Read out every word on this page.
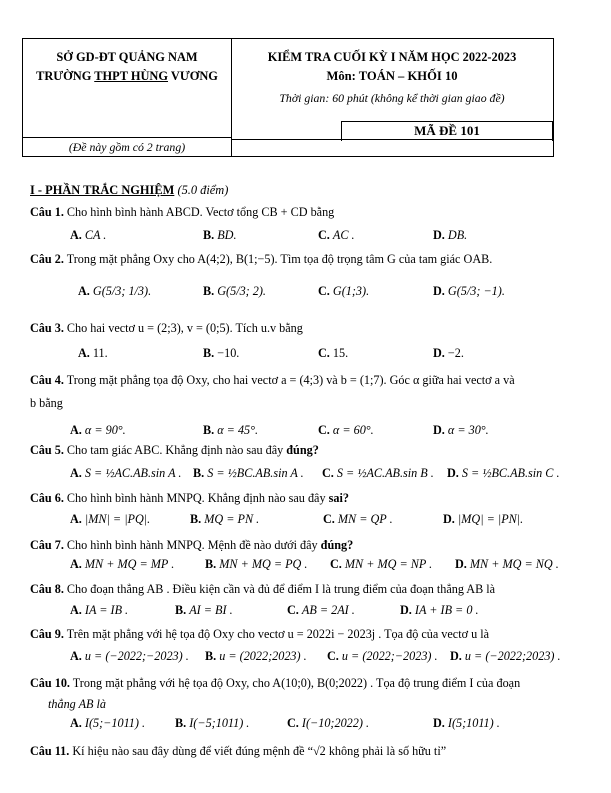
SỞ GD-ĐT QUẢNG NAM
TRƯỜNG THPT HÙNG VƯƠNG
KIỂM TRA CUỐI KỲ I NĂM HỌC 2022-2023
Môn: TOÁN – KHỐI 10
Thời gian: 60 phút (không kể thời gian giao đề)
MÃ ĐỀ 101
(Đề này gồm có 2 trang)
I - PHẦN TRẮC NGHIỆM (5.0 điểm)
Câu 1. Cho hình bình hành ABCD. Vectơ tổng CB + CD bằng
A. CA .	B. BD.	C. AC .	D. DB.
Câu 2. Trong mặt phẳng Oxy cho A(4;2), B(1;−5). Tìm tọa độ trọng tâm G của tam giác OAB.
A. G(5/3; 1/3).	B. G(5/3; 2).	C. G(1;3).	D. G(5/3; −1).
Câu 3. Cho hai vectơ u = (2;3), v = (0;5). Tích u.v bằng
A. 11.	B. −10.	C. 15.	D. −2.
Câu 4. Trong mặt phẳng tọa độ Oxy, cho hai vectơ a = (4;3) và b = (1;7). Góc α giữa hai vectơ a và
b bằng
A. α = 90°.	B. α = 45°.	C. α = 60°.	D. α = 30°.
Câu 5. Cho tam giác ABC. Khẳng định nào sau đây đúng?
A. S = ½AC.AB.sin A . B. S = ½BC.AB.sin A . C. S = ½AC.AB.sin B . D. S = ½BC.AB.sin C .
Câu 6. Cho hình bình hành MNPQ. Khẳng định nào sau đây sai?
A. |MN| = |PQ|.	B. MQ = PN .	C. MN = QP .	D. |MQ| = |PN|.
Câu 7. Cho hình bình hành MNPQ. Mệnh đề nào dưới đây đúng?
A. MN + MQ = MP .	B. MN + MQ = PQ . C. MN + MQ = NP . D. MN + MQ = NQ .
Câu 8. Cho đoạn thẳng AB . Điều kiện cần và đủ để điểm I là trung điểm của đoạn thẳng AB là
A. IA = IB .	B. AI = BI .	C. AB = 2AI .	D. IA + IB = 0 .
Câu 9. Trên mặt phẳng với hệ tọa độ Oxy cho vectơ u = 2022i − 2023j . Tọa độ của vectơ u là
A. u = (−2022;−2023) . B. u = (2022;2023) . C. u = (2022;−2023) . D. u = (−2022;2023) .
Câu 10. Trong mặt phẳng với hệ tọa độ Oxy, cho A(10;0), B(0;2022) . Tọa độ trung điểm I của đoạn
thẳng AB là
A. I(5;−1011) . B. I(−5;1011) .	C. I(−10;2022) .	D. I(5;1011) .
Câu 11. Kí hiệu nào sau đây dùng để viết đúng mệnh đề “√2 không phải là số hữu tỉ”
